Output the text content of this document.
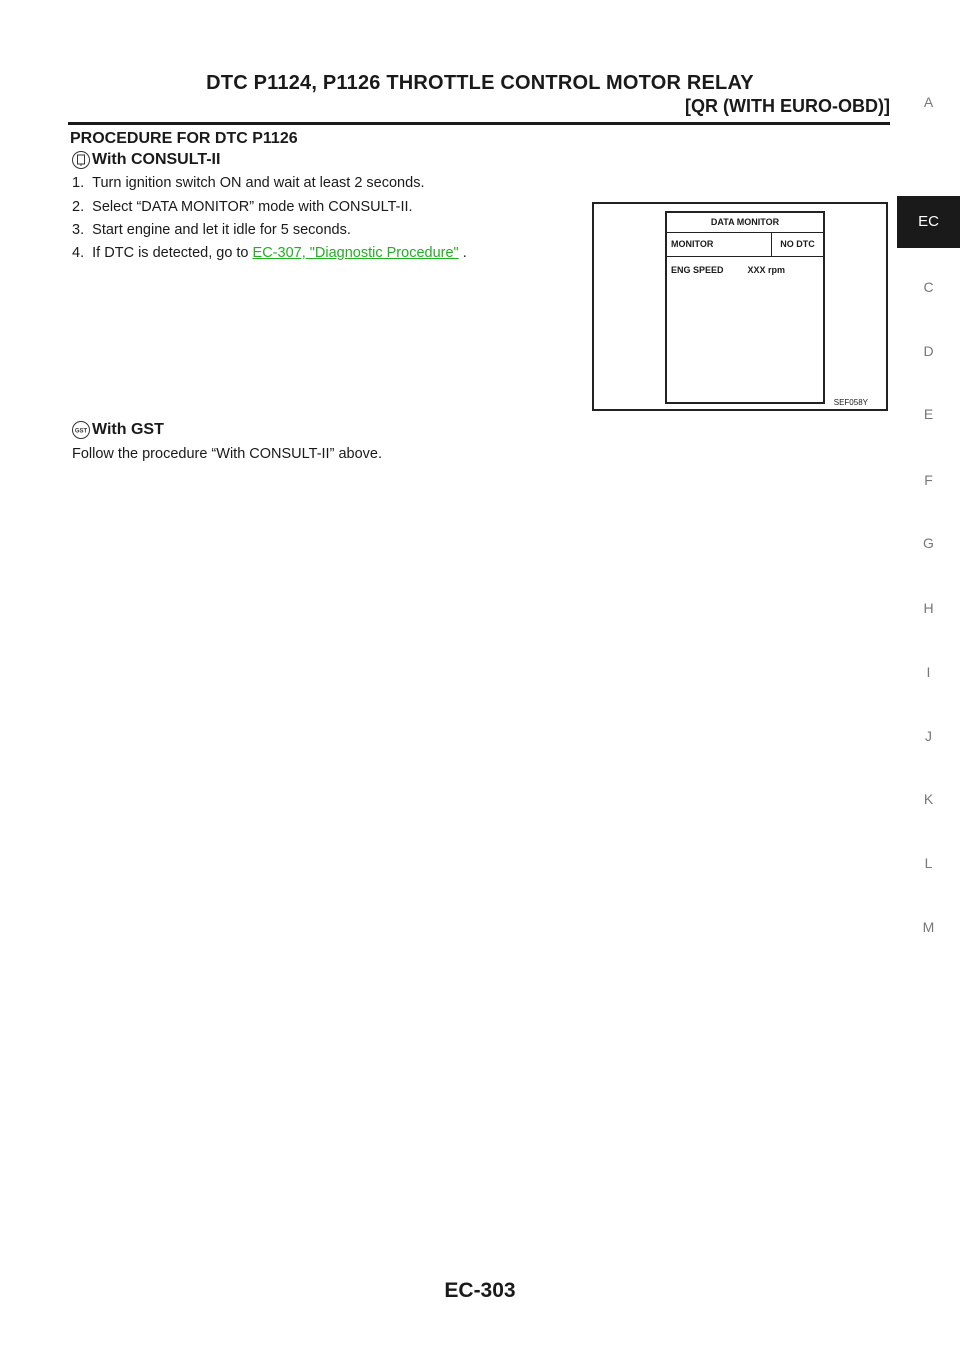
DTC P1124, P1126 THROTTLE CONTROL MOTOR RELAY
[QR (WITH EURO-OBD)]	A
EC
C
D
E
F
G
H
I
J
K
L
M
PROCEDURE FOR DTC P1126
With CONSULT-II
1.  Turn ignition switch ON and wait at least 2 seconds.
2.  Select “DATA MONITOR” mode with CONSULT-II.
3.  Start engine and let it idle for 5 seconds.
4.  If DTC is detected, go to EC-307, "Diagnostic Procedure" .
DATA MONITOR
MONITOR	NO DTC
ENG SPEED	XXX rpm
SEF058Y
GST With GST
Follow the procedure “With CONSULT-II” above.
EC-303
